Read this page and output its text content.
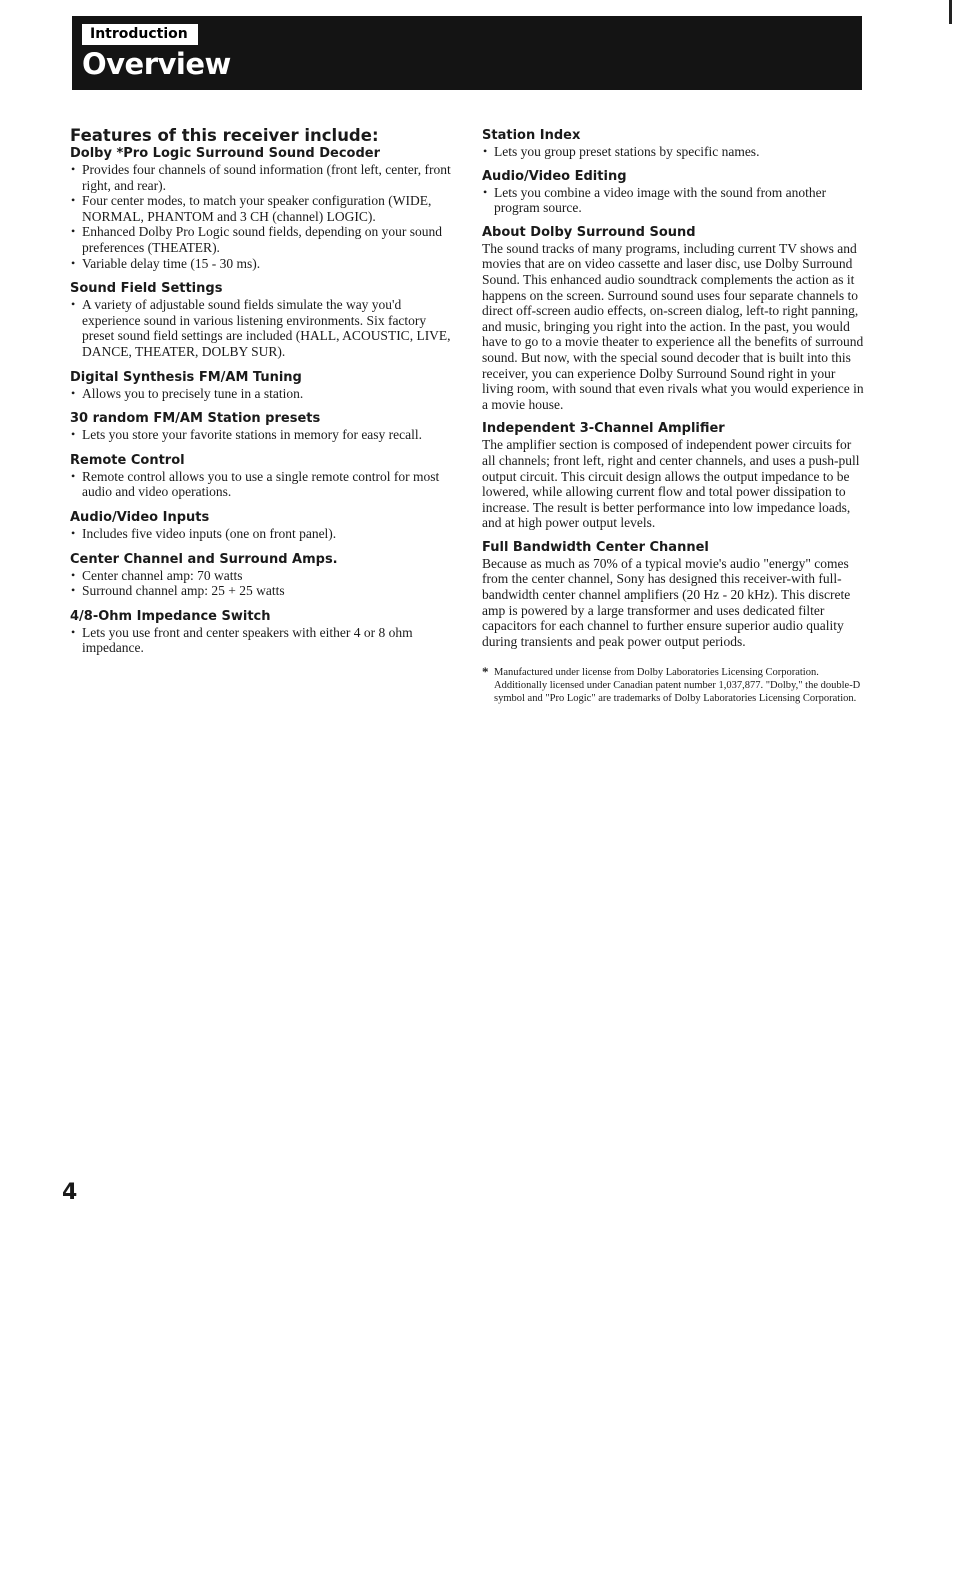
Introduction
Overview
Features of this receiver include:
Dolby *Pro Logic Surround Sound Decoder
• Provides four channels of sound information (front left, center, front right, and rear).
• Four center modes, to match your speaker configuration (WIDE, NORMAL, PHANTOM and 3 CH (channel) LOGIC).
• Enhanced Dolby Pro Logic sound fields, depending on your sound preferences (THEATER).
• Variable delay time (15 - 30 ms).
Sound Field Settings
• A variety of adjustable sound fields simulate the way you'd experience sound in various listening environments. Six factory preset sound field settings are included (HALL, ACOUSTIC, LIVE, DANCE, THEATER, DOLBY SUR).
Digital Synthesis FM/AM Tuning
• Allows you to precisely tune in a station.
30 random FM/AM Station presets
• Lets you store your favorite stations in memory for easy recall.
Remote Control
• Remote control allows you to use a single remote control for most audio and video operations.
Audio/Video Inputs
• Includes five video inputs (one on front panel).
Center Channel and Surround Amps.
• Center channel amp: 70 watts
• Surround channel amp: 25 + 25 watts
4/8-Ohm Impedance Switch
• Lets you use front and center speakers with either 4 or 8 ohm impedance.
Station Index
• Lets you group preset stations by specific names.
Audio/Video Editing
• Lets you combine a video image with the sound from another program source.
About Dolby Surround Sound

The sound tracks of many programs, including current TV shows and movies that are on video cassette and laser disc, use Dolby Surround Sound. This enhanced audio soundtrack complements the action as it happens on the screen. Surround sound uses four separate channels to direct off-screen audio effects, on-screen dialog, left-to right panning, and music, bringing you right into the action. In the past, you would have to go to a movie theater to experience all the benefits of surround sound. But now, with the special sound decoder that is built into this receiver, you can experience Dolby Surround Sound right in your living room, with sound that even rivals what you would experience in a movie house.

Independent 3-Channel Amplifier

The amplifier section is composed of independent power circuits for all channels; front left, right and center channels, and uses a push-pull output circuit. This circuit design allows the output impedance to be lowered, while allowing current flow and total power dissipation to increase. The result is better performance into low impedance loads, and at high power output levels.

Full Bandwidth Center Channel

Because as much as 70% of a typical movie's audio "energy" comes from the center channel, Sony has designed this receiver-with full-bandwidth center channel amplifiers (20 Hz - 20 kHz). This discrete amp is powered by a large transformer and uses dedicated filter capacitors for each channel to further ensure superior audio quality during transients and peak power output periods.

* Manufactured under license from Dolby Laboratories Licensing Corporation. Additionally licensed under Canadian patent number 1,037,877. "Dolby," the double-D symbol and "Pro Logic" are trademarks of Dolby Laboratories Licensing Corporation.
4
